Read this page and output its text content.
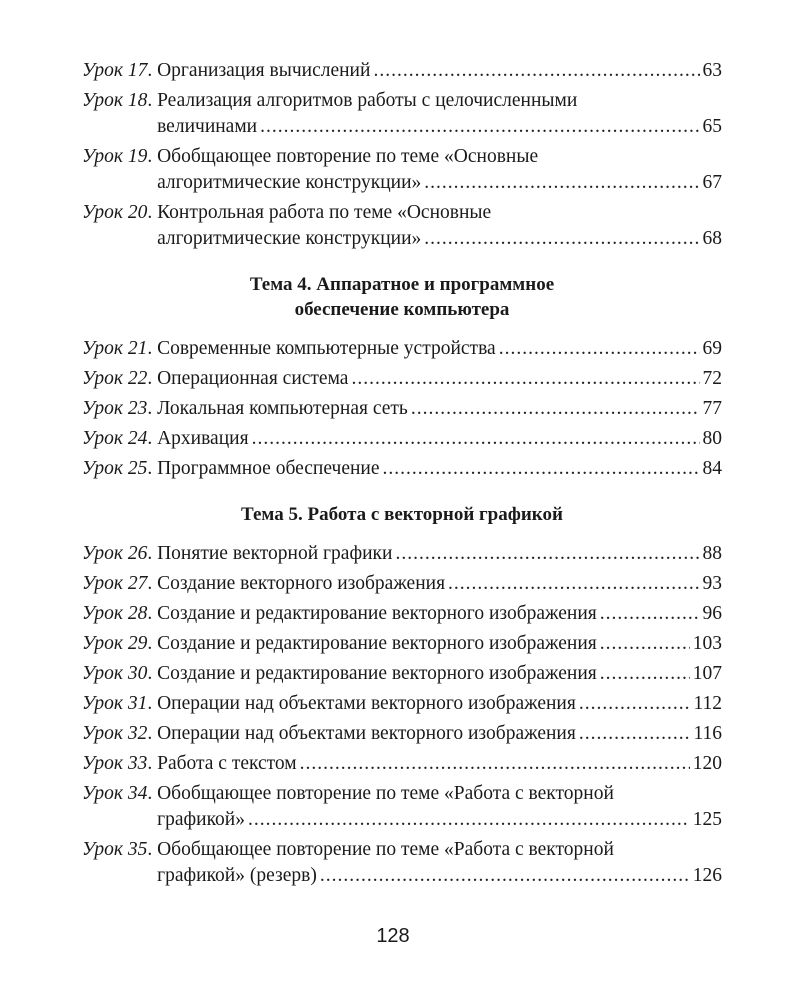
Урок 17 . Организация вычислений .....	63
Урок 18 . Реализация алгоритмов работы с целочисленными
величинами .....	65
Урок 19 . Обобщающее повторение по теме «Основные
алгоритмические конструкции» .....	67
Урок 20 . Контрольная работа по теме «Основные
алгоритмические конструкции» .....	68
Тема 4. Аппаратное и программное
обеспечение компьютера
Урок 21 . Современные компьютерные устройства .....	69
Урок 22 . Операционная система .....	72
Урок 23 . Локальная компьютерная сеть .....	77
Урок 24 . Архивация .....	80
Урок 25 . Программное обеспечение .....	84
Тема 5. Работа с векторной графикой
Урок 26 . Понятие векторной графики .....	88
Урок 27 . Создание векторного изображения .....	93
Урок 28 . Создание и редактирование векторного изображения .....	96
Урок 29 . Создание и редактирование векторного изображения .....	103
Урок 30 . Создание и редактирование векторного изображения .....	107
Урок 31 . Операции над объектами векторного изображения .....	112
Урок 32 . Операции над объектами векторного изображения .....	116
Урок 33 . Работа с текстом .....	120
Урок 34 . Обобщающее повторение по теме «Работа с векторной
графикой» .....	125
Урок 35 . Обобщающее повторение по теме «Работа с векторной
графикой» (резерв) .....	126
128
